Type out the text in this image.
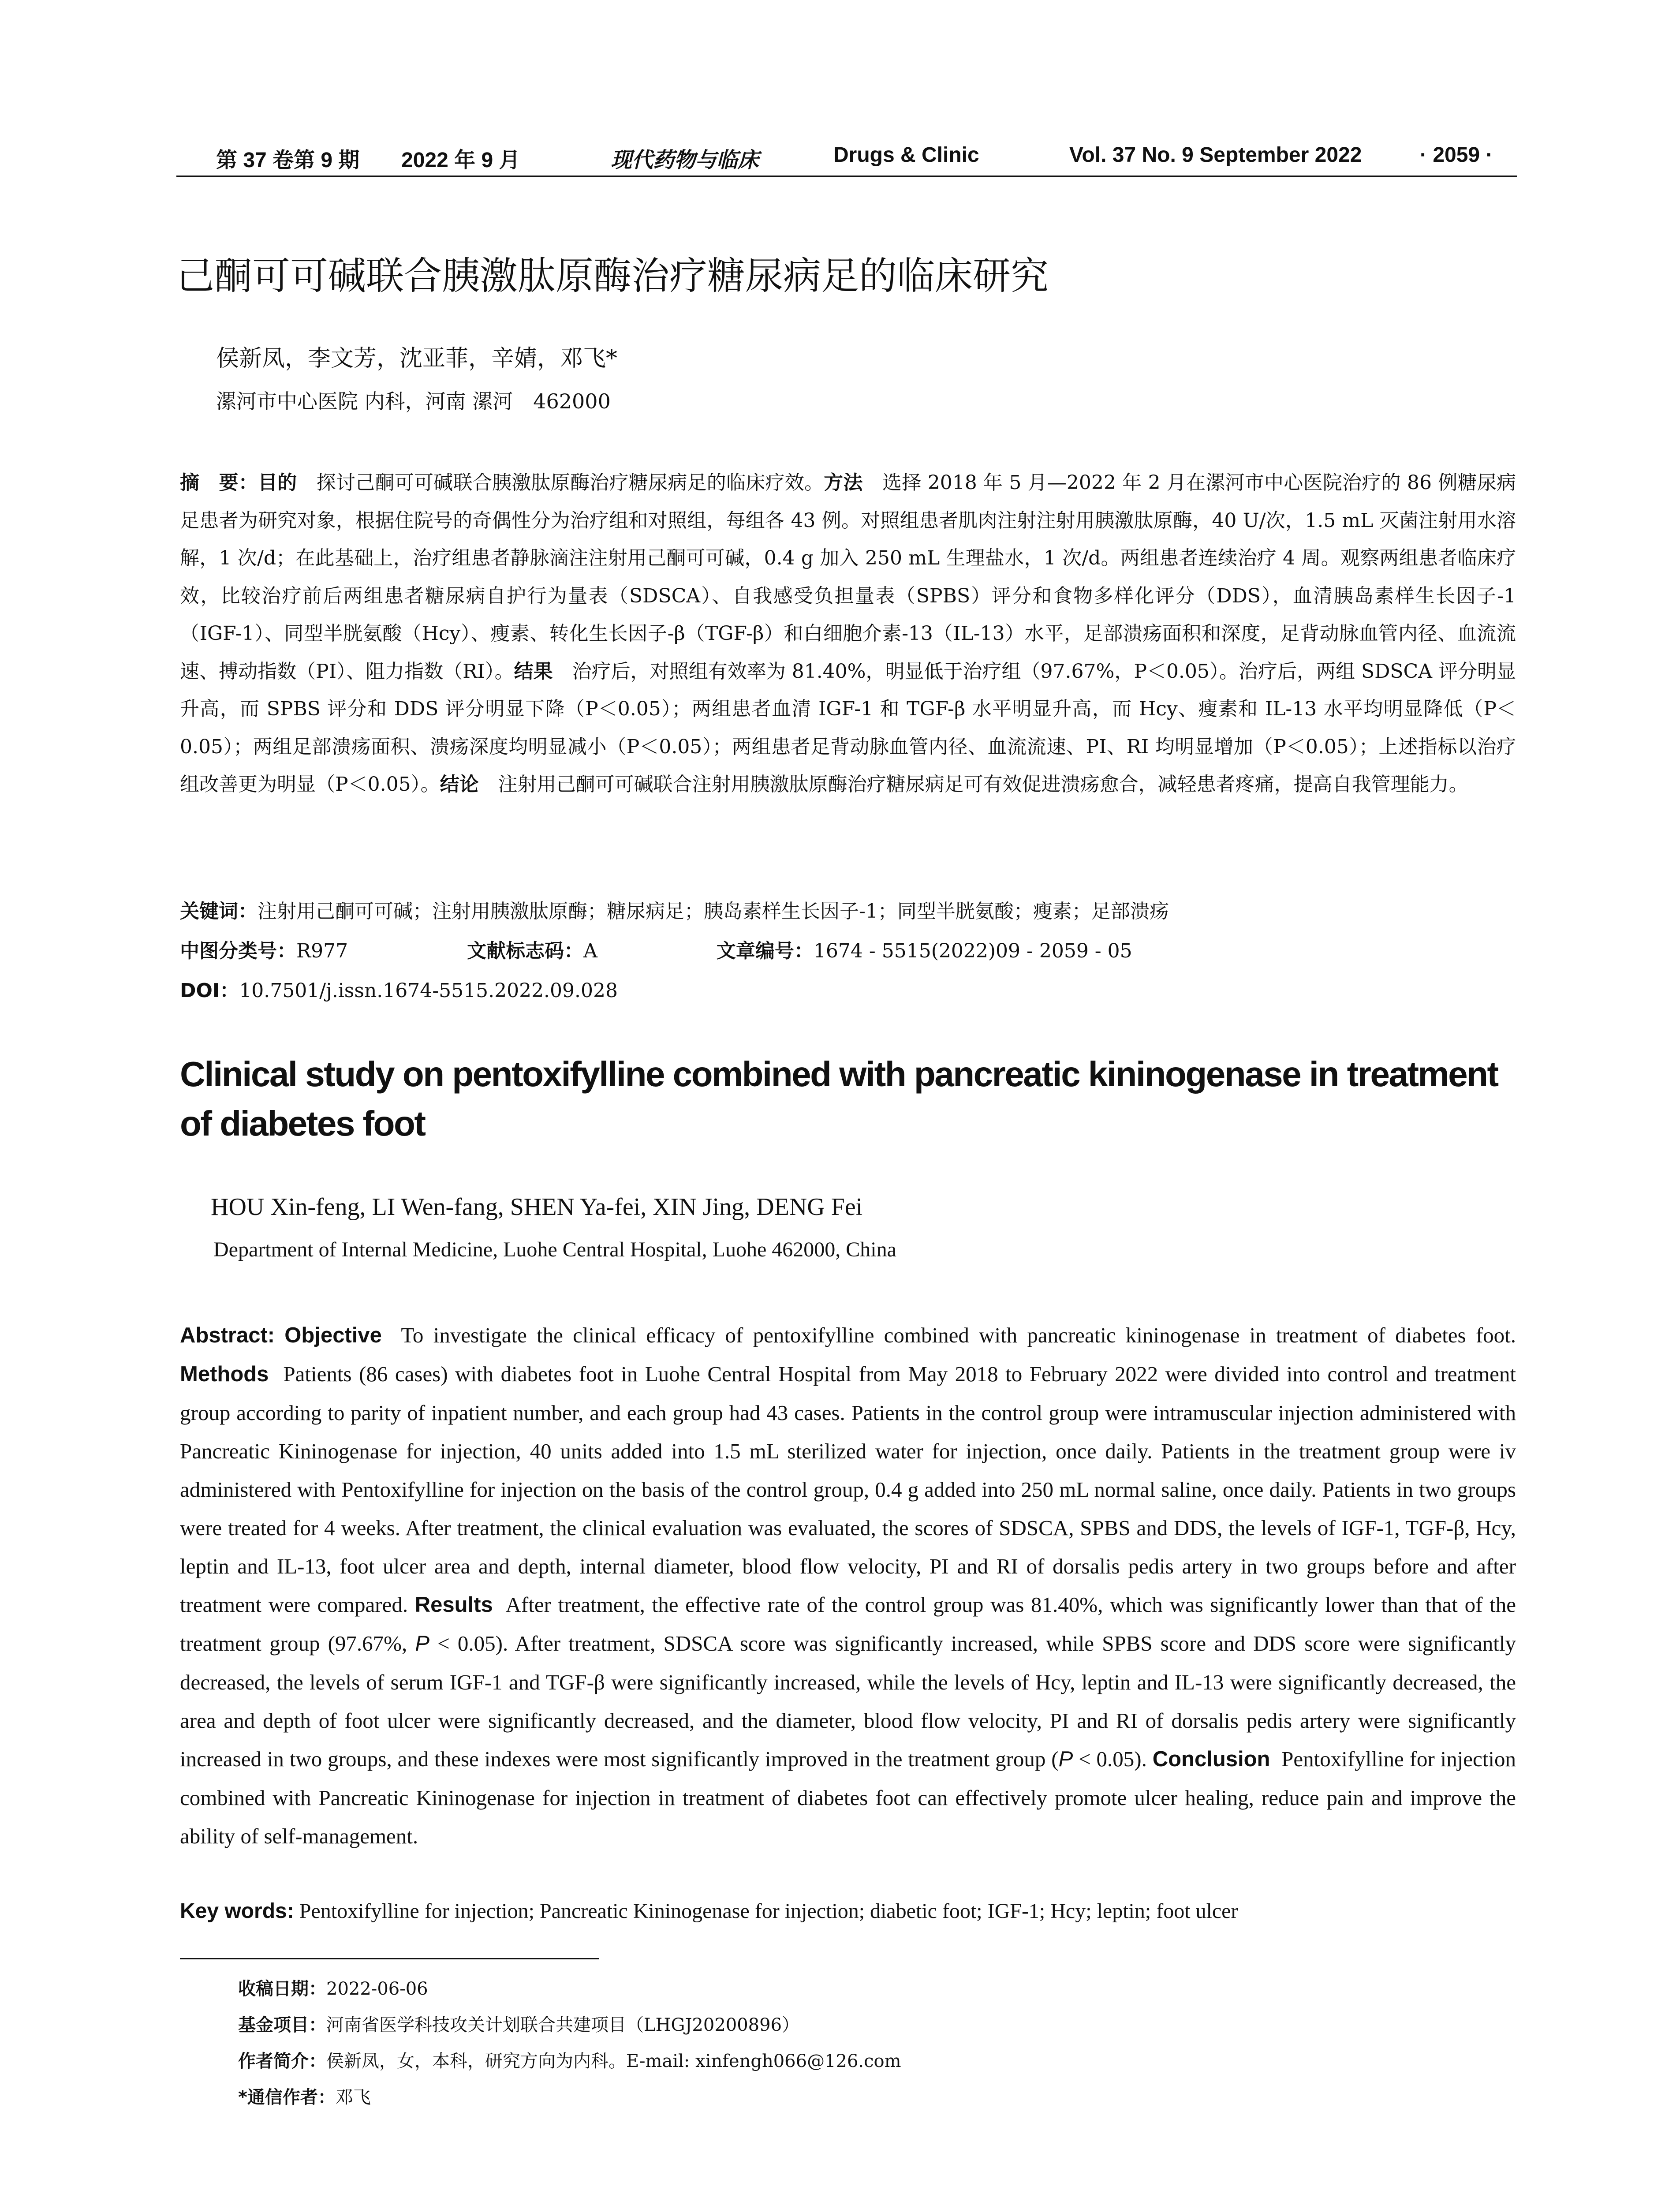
第 37 卷第 9 期 2022 年 9 月	现代药物与临床	Drugs & Clinic	Vol. 37 No. 9 September 2022	· 2059 ·
己酮可可碱联合胰激肽原酶治疗糖尿病足的临床研究
侯新凤，李文芳，沈亚菲，辛婧，邓飞*
漯河市中心医院 内科，河南 漯河　462000
摘　要：目的　探讨己酮可可碱联合胰激肽原酶治疗糖尿病足的临床疗效。方法　选择 2018 年 5 月—2022 年 2 月在漯河市中心医院治疗的 86 例糖尿病足患者为研究对象，根据住院号的奇偶性分为治疗组和对照组，每组各 43 例。对照组患者肌肉注射注射用胰激肽原酶，40 U/次，1.5 mL 灭菌注射用水溶解，1 次/d；在此基础上，治疗组患者静脉滴注注射用己酮可可碱，0.4 g 加入 250 mL 生理盐水，1 次/d。两组患者连续治疗 4 周。观察两组患者临床疗效，比较治疗前后两组患者糖尿病自护行为量表（SDSCA）、自我感受负担量表（SPBS）评分和食物多样化评分（DDS），血清胰岛素样生长因子-1（IGF-1）、同型半胱氨酸（Hcy）、瘦素、转化生长因子-β（TGF-β）和白细胞介素-13（IL-13）水平，足部溃疡面积和深度，足背动脉血管内径、血流流速、搏动指数（PI）、阻力指数（RI）。结果　治疗后，对照组有效率为 81.40%，明显低于治疗组（97.67%，P＜0.05）。治疗后，两组 SDSCA 评分明显升高，而 SPBS 评分和 DDS 评分明显下降（P＜0.05）；两组患者血清 IGF-1 和 TGF-β 水平明显升高，而 Hcy、瘦素和 IL-13 水平均明显降低（P＜0.05）；两组足部溃疡面积、溃疡深度均明显减小（P＜0.05）；两组患者足背动脉血管内径、血流流速、PI、RI 均明显增加（P＜0.05）；上述指标以治疗组改善更为明显（P＜0.05）。结论　注射用己酮可可碱联合注射用胰激肽原酶治疗糖尿病足可有效促进溃疡愈合，减轻患者疼痛，提高自我管理能力。
关键词：注射用己酮可可碱；注射用胰激肽原酶；糖尿病足；胰岛素样生长因子-1；同型半胱氨酸；瘦素；足部溃疡
中图分类号：R977	文献标志码：A	文章编号：1674 - 5515(2022)09 - 2059 - 05
DOI：10.7501/j.issn.1674-5515.2022.09.028
Clinical study on pentoxifylline combined with pancreatic kininogenase in treatment of diabetes foot
HOU Xin-feng, LI Wen-fang, SHEN Ya-fei, XIN Jing, DENG Fei
Department of Internal Medicine, Luohe Central Hospital, Luohe 462000, China
Abstract: Objective To investigate the clinical efficacy of pentoxifylline combined with pancreatic kininogenase in treatment of diabetes foot. Methods Patients (86 cases) with diabetes foot in Luohe Central Hospital from May 2018 to February 2022 were divided into control and treatment group according to parity of inpatient number, and each group had 43 cases. Patients in the control group were intramuscular injection administered with Pancreatic Kininogenase for injection, 40 units added into 1.5 mL sterilized water for injection, once daily. Patients in the treatment group were iv administered with Pentoxifylline for injection on the basis of the control group, 0.4 g added into 250 mL normal saline, once daily. Patients in two groups were treated for 4 weeks. After treatment, the clinical evaluation was evaluated, the scores of SDSCA, SPBS and DDS, the levels of IGF-1, TGF-β, Hcy, leptin and IL-13, foot ulcer area and depth, internal diameter, blood flow velocity, PI and RI of dorsalis pedis artery in two groups before and after treatment were compared. Results After treatment, the effective rate of the control group was 81.40%, which was significantly lower than that of the treatment group (97.67%, P < 0.05). After treatment, SDSCA score was significantly increased, while SPBS score and DDS score were significantly decreased, the levels of serum IGF-1 and TGF-β were significantly increased, while the levels of Hcy, leptin and IL-13 were significantly decreased, the area and depth of foot ulcer were significantly decreased, and the diameter, blood flow velocity, PI and RI of dorsalis pedis artery were significantly increased in two groups, and these indexes were most significantly improved in the treatment group (P < 0.05). Conclusion Pentoxifylline for injection combined with Pancreatic Kininogenase for injection in treatment of diabetes foot can effectively promote ulcer healing, reduce pain and improve the ability of self-management.
Key words: Pentoxifylline for injection; Pancreatic Kininogenase for injection; diabetic foot; IGF-1; Hcy; leptin; foot ulcer
收稿日期：2022-06-06
基金项目：河南省医学科技攻关计划联合共建项目（LHGJ20200896）
作者简介：侯新凤，女，本科，研究方向为内科。E-mail: xinfengh066@126.com
*通信作者：邓飞
